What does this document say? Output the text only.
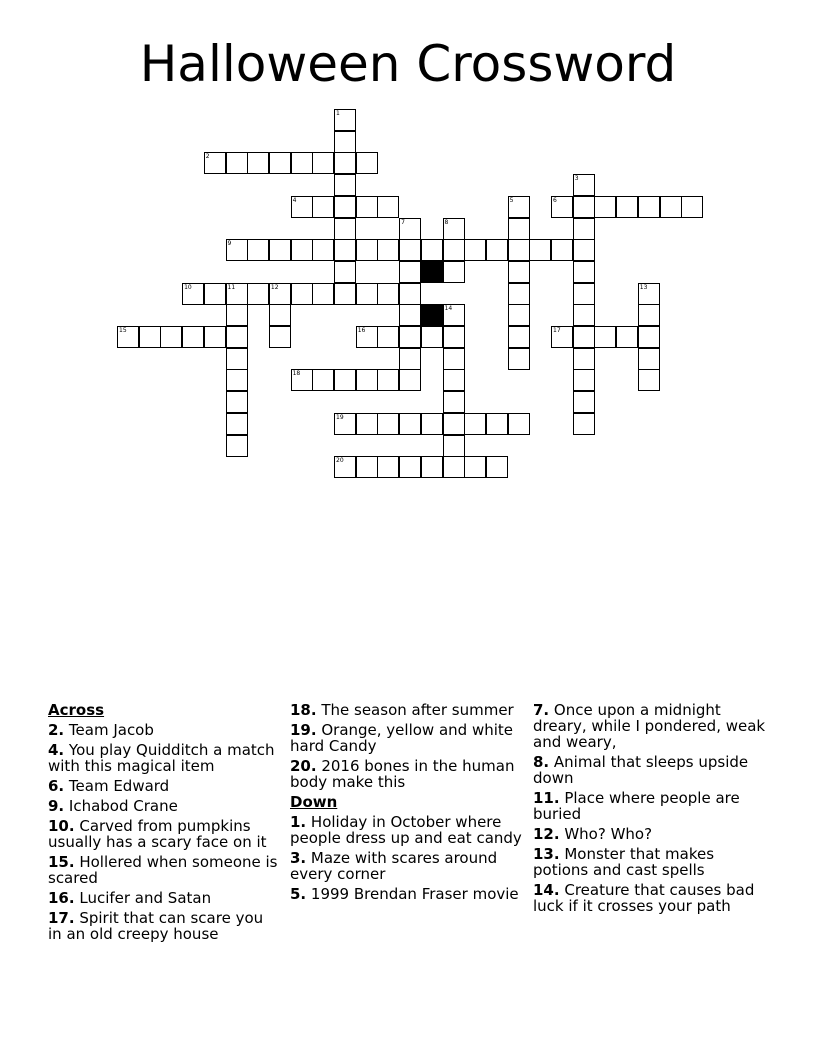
Halloween Crossword
1
2
3
4	5	6
7	8
9
10	11	12	13
14
15	16	17
18
19
20
Across
2. Team Jacob
4. You play Quidditch a match with this magical item
6. Team Edward
9. Ichabod Crane
10. Carved from pumpkins usually has a scary face on it
15. Hollered when someone is scared
16. Lucifer and Satan
17. Spirit that can scare you in an old creepy house
18. The season after summer
19. Orange, yellow and white hard Candy
20. 2016 bones in the human body make this
Down
1. Holiday in October where people dress up and eat candy
3. Maze with scares around every corner
5. 1999 Brendan Fraser movie
7. Once upon a midnight dreary, while I pondered, weak and weary,
8. Animal that sleeps upside down
11. Place where people are buried
12. Who? Who?
13. Monster that makes potions and cast spells
14. Creature that causes bad luck if it crosses your path
